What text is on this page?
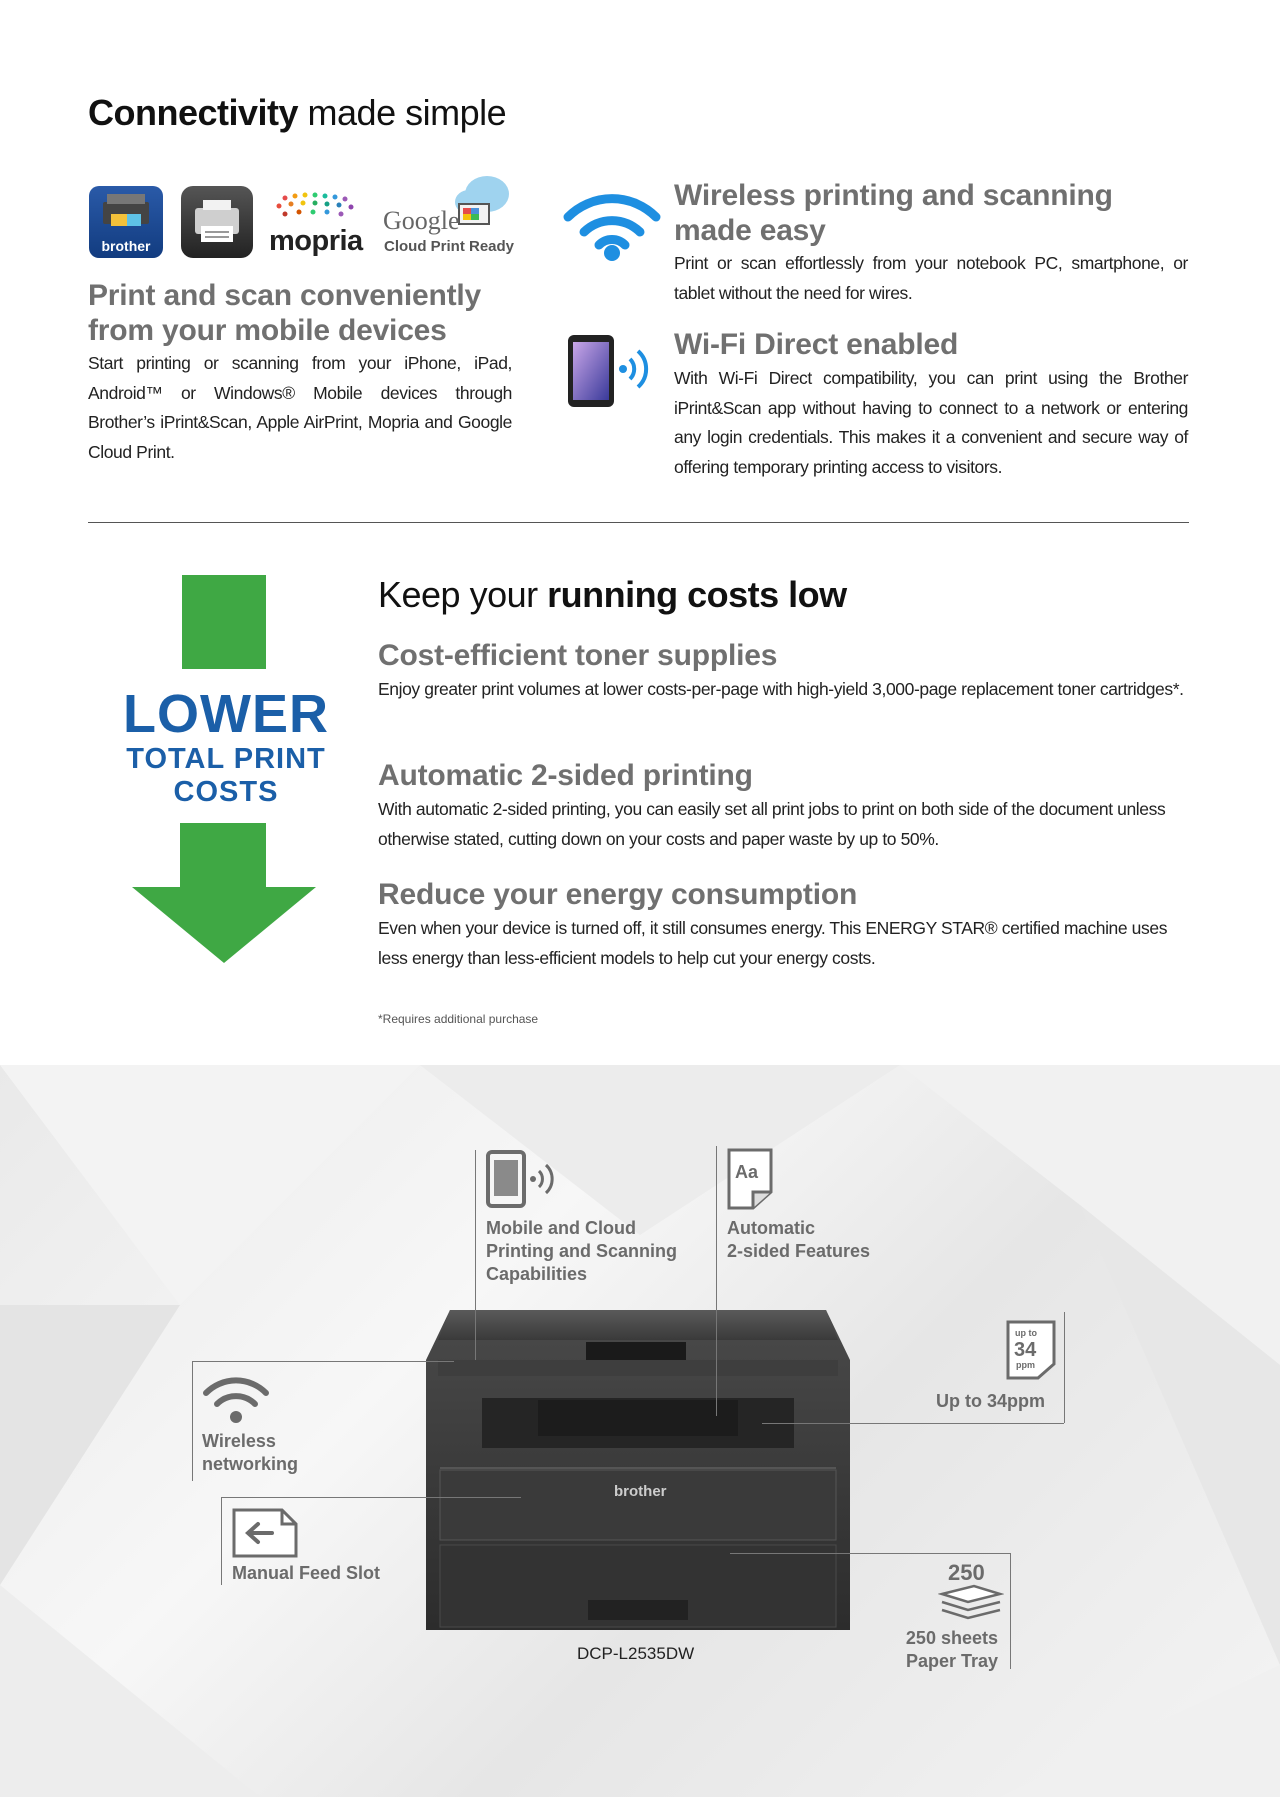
Connectivity made simple
brother	mopria
Google
Cloud Print Ready
Print and scan conveniently
from your mobile devices
Start printing or scanning from your iPhone, iPad, Android™ or Windows® Mobile devices through Brother’s iPrint&Scan, Apple AirPrint, Mopria and Google Cloud Print.
Wireless printing and scanning
made easy
Print or scan effortlessly from your notebook PC, smartphone, or tablet without the need for wires.
Wi-Fi Direct enabled
With Wi-Fi Direct compatibility, you can print using the Brother iPrint&Scan app without having to connect to a network or entering any login credentials. This makes it a convenient and secure way of offering temporary printing access to visitors.
LOWER
TOTAL PRINT
COSTS
Keep your running costs low
Cost-efficient toner supplies
Enjoy greater print volumes at lower costs-per-page with high-yield 3,000-page replacement toner cartridges*.
Automatic 2-sided printing
With automatic 2-sided printing, you can easily set all print jobs to print on both side of the document unless otherwise stated, cutting down on your costs and paper waste by up to 50%.
Reduce your energy consumption
Even when your device is turned off, it still consumes energy. This ENERGY STAR® certified machine uses less energy than less-efficient models to help cut your energy costs.
*Requires additional purchase
brother
DCP-L2535DW
Mobile and Cloud
Printing and Scanning
Capabilities
Aa
Automatic
2-sided Features
Wireless
networking
up to
34
ppm
Up to 34ppm
Manual Feed Slot	250
250 sheets
Paper Tray
